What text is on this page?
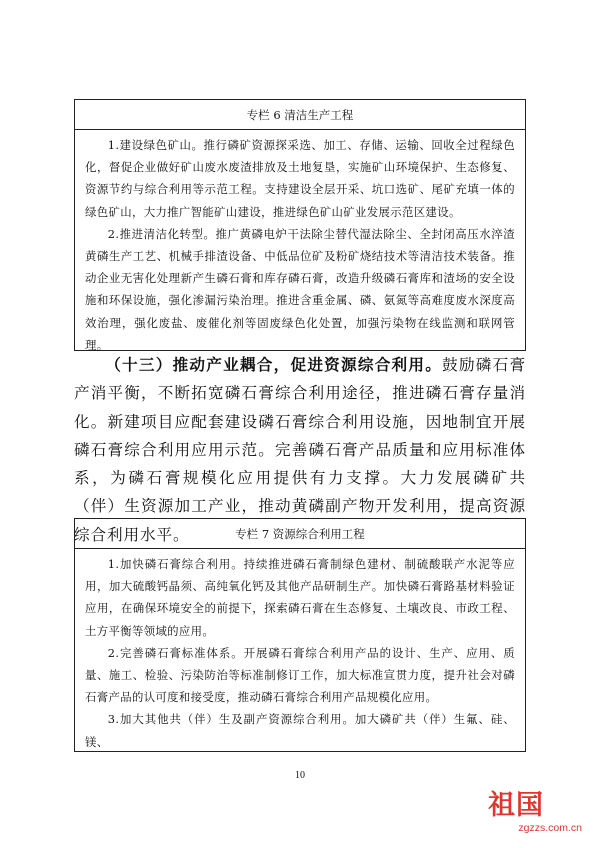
专栏 6 清洁生产工程

1.建设绿色矿山。推行磷矿资源探采选、加工、存储、运输、回收全过程绿色化，督促企业做好矿山废水废渣排放及土地复垦，实施矿山环境保护、生态修复、资源节约与综合利用等示范工程。支持建设全层开采、坑口选矿、尾矿充填一体的绿色矿山，大力推广智能矿山建设，推进绿色矿山矿业发展示范区建设。

2.推进清洁化转型。推广黄磷电炉干法除尘替代湿法除尘、全封闭高压水淬渣黄磷生产工艺、机械手排渣设备、中低品位矿及粉矿烧结技术等清洁技术装备。推动企业无害化处理新产生磷石膏和库存磷石膏，改造升级磷石膏库和渣场的安全设施和环保设施，强化渗漏污染治理。推进含重金属、磷、氨氮等高难度废水深度高效治理，强化废盐、废催化剂等固废绿色化处置，加强污染物在线监测和联网管理。

（十三）推动产业耦合，促进资源综合利用。鼓励磷石膏产消平衡，不断拓宽磷石膏综合利用途径，推进磷石膏存量消化。新建项目应配套建设磷石膏综合利用设施，因地制宜开展磷石膏综合利用应用示范。完善磷石膏产品质量和应用标准体系，为磷石膏规模化应用提供有力支撑。大力发展磷矿共（伴）生资源加工产业，推动黄磷副产物开发利用，提高资源综合利用水平。	专栏 7 资源综合利用工程

1.加快磷石膏综合利用。持续推进磷石膏制绿色建材、制硫酸联产水泥等应用，加大硫酸钙晶须、高纯氧化钙及其他产品研制生产。加快磷石膏路基材料验证应用，在确保环境安全的前提下，探索磷石膏在生态修复、土壤改良、市政工程、土方平衡等领域的应用。

2.完善磷石膏标准体系。开展磷石膏综合利用产品的设计、生产、应用、质量、施工、检验、污染防治等标准制修订工作，加大标准宣贯力度，提升社会对磷石膏产品的认可度和接受度，推动磷石膏综合利用产品规模化应用。

3.加大其他共（伴）生及副产资源综合利用。加大磷矿共（伴）生氟、硅、镁、

10
祖国
zgzzs.com.cn
